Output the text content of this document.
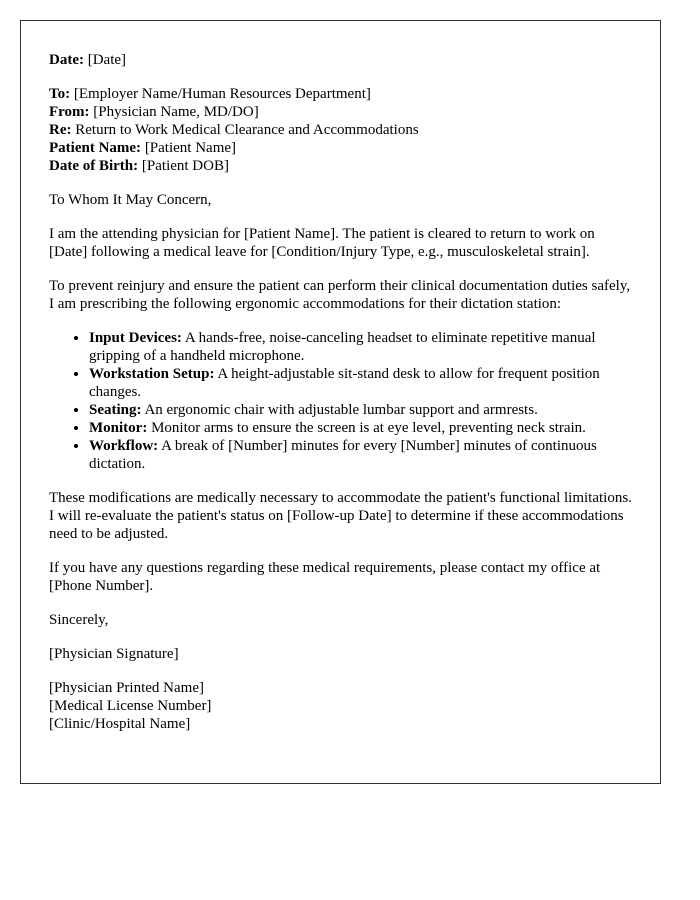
Date: [Date]

To: [Employer Name/Human Resources Department]

From: [Physician Name, MD/DO]

Re: Return to Work Medical Clearance and Accommodations

Patient Name: [Patient Name]

Date of Birth: [Patient DOB]

To Whom It May Concern,

I am the attending physician for [Patient Name]. The patient is cleared to return to work on [Date] following a medical leave for [Condition/Injury Type, e.g., musculoskeletal strain].

To prevent reinjury and ensure the patient can perform their clinical documentation duties safely, I am prescribing the following ergonomic accommodations for their dictation station:

• Input Devices: A hands-free, noise-canceling headset to eliminate repetitive manual gripping of a handheld microphone.
• Workstation Setup: A height-adjustable sit-stand desk to allow for frequent position changes.
• Seating: An ergonomic chair with adjustable lumbar support and armrests.
• Monitor: Monitor arms to ensure the screen is at eye level, preventing neck strain.
• Workflow: A break of [Number] minutes for every [Number] minutes of continuous dictation.

These modifications are medically necessary to accommodate the patient's functional limitations. I will re-evaluate the patient's status on [Follow-up Date] to determine if these accommodations need to be adjusted.

If you have any questions regarding these medical requirements, please contact my office at [Phone Number].

Sincerely,

[Physician Signature]

[Physician Printed Name]

[Medical License Number]

[Clinic/Hospital Name]
